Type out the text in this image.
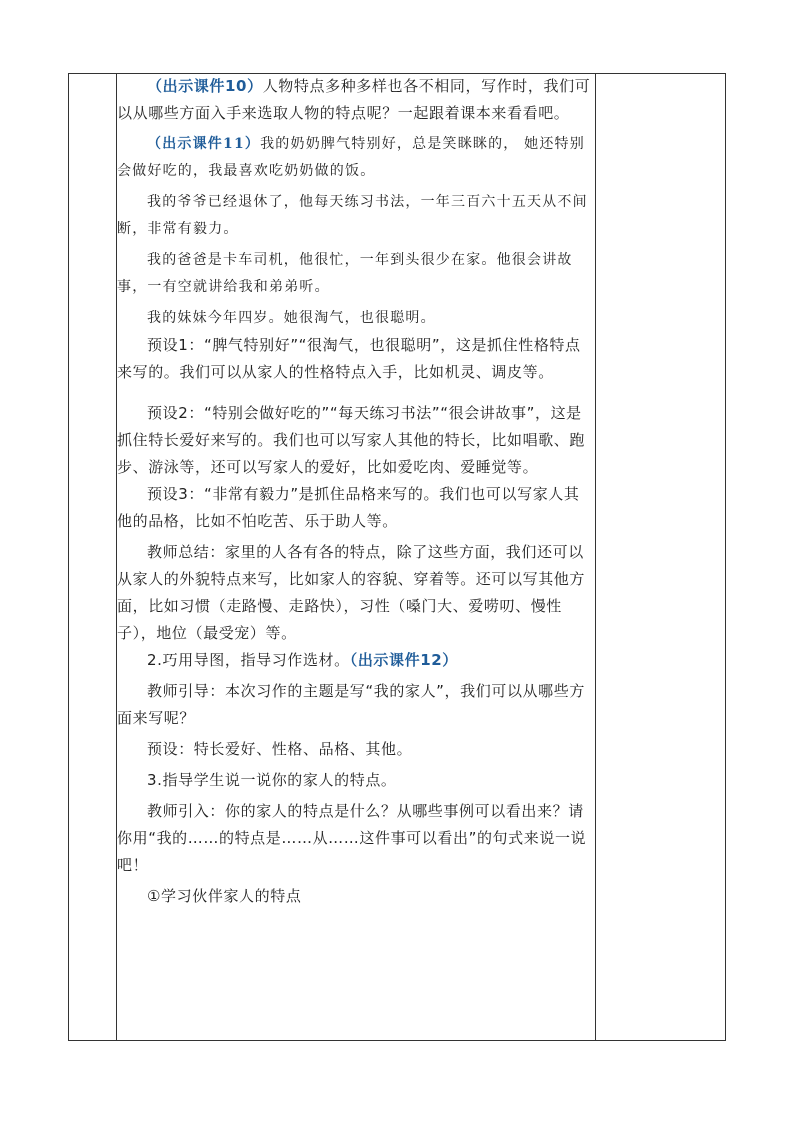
（出示课件10）人物特点多种多样也各不相同，写作时，我们可以从哪些方面入手来选取人物的特点呢？一起跟着课本来看看吧。

（出示课件11）我的奶奶脾气特别好，总是笑眯眯的， 她还特别会做好吃的，我最喜欢吃奶奶做的饭。

我的爷爷已经退休了，他每天练习书法，一年三百六十五天从不间断，非常有毅力。

我的爸爸是卡车司机，他很忙，一年到头很少在家。他很会讲故事，一有空就讲给我和弟弟听。

我的妹妹今年四岁。她很淘气，也很聪明。

预设1：“脾气特别好”“很淘气，也很聪明”，这是抓住性格特点来写的。我们可以从家人的性格特点入手，比如机灵、调皮等。

预设2：“特别会做好吃的”“每天练习书法”“很会讲故事”，这是抓住特长爱好来写的。我们也可以写家人其他的特长，比如唱歌、跑步、游泳等，还可以写家人的爱好，比如爱吃肉、爱睡觉等。

预设3：“非常有毅力”是抓住品格来写的。我们也可以写家人其他的品格，比如不怕吃苦、乐于助人等。

教师总结：家里的人各有各的特点，除了这些方面，我们还可以从家人的外貌特点来写，比如家人的容貌、穿着等。还可以写其他方面，比如习惯（走路慢、走路快），习性（嗓门大、爱唠叨、慢性子），地位（最受宠）等。

2.巧用导图，指导习作选材。（出示课件12）

教师引导：本次习作的主题是写“我的家人”，我们可以从哪些方面来写呢？

预设：特长爱好、性格、品格、其他。

3.指导学生说一说你的家人的特点。

教师引入：你的家人的特点是什么？从哪些事例可以看出来？请你用“我的……的特点是……从……这件事可以看出”的句式来说一说吧！

①学习伙伴家人的特点
